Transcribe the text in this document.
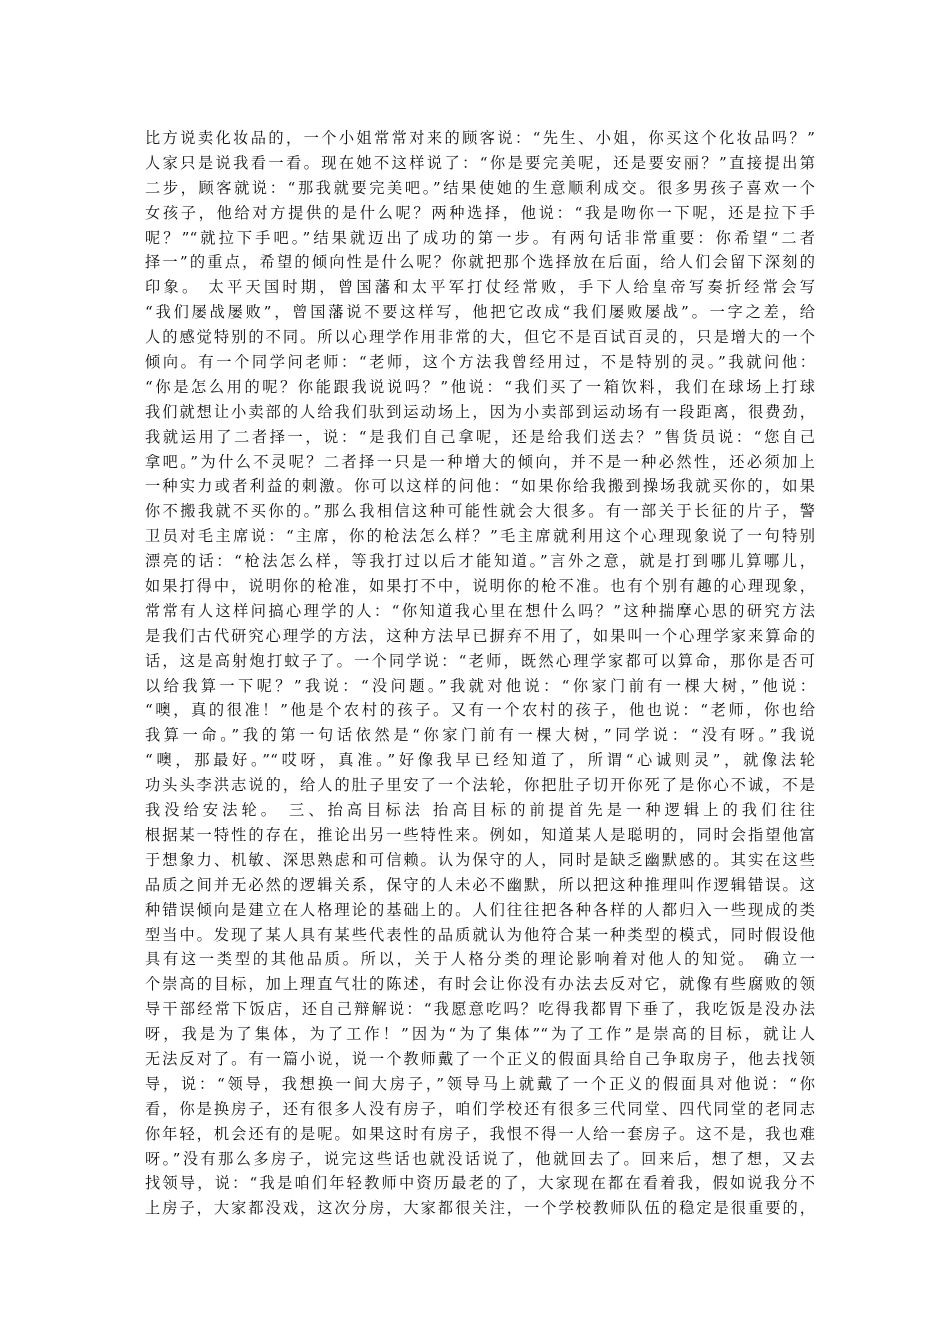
比方说卖化妆品的，一个小姐常常对来的顾客说：“先生、小姐，你买这个化妆品吗？”
人家只是说我看一看。现在她不这样说了：“你是要完美呢，还是要安丽？”直接提出第
二步，顾客就说：“那我就要完美吧。”结果使她的生意顺利成交。很多男孩子喜欢一个
女孩子，他给对方提供的是什么呢？两种选择，他说：“我是吻你一下呢，还是拉下手
呢？”“就拉下手吧。”结果就迈出了成功的第一步。有两句话非常重要：你希望“二者
择一”的重点，希望的倾向性是什么呢？你就把那个选择放在后面，给人们会留下深刻的
印象。 太平天国时期，曾国藩和太平军打仗经常败，手下人给皇帝写奏折经常会写
“我们屡战屡败”，曾国藩说不要这样写，他把它改成“我们屡败屡战”。一字之差，给
人的感觉特别的不同。所以心理学作用非常的大，但它不是百试百灵的，只是增大的一个
倾向。有一个同学问老师：“老师，这个方法我曾经用过，不是特别的灵。”我就问他：
“你是怎么用的呢？你能跟我说说吗？”他说：“我们买了一箱饮料，我们在球场上打球
我们就想让小卖部的人给我们驮到运动场上，因为小卖部到运动场有一段距离，很费劲，
我就运用了二者择一，说：“是我们自己拿呢，还是给我们送去？”售货员说：“您自己
拿吧。”为什么不灵呢？二者择一只是一种增大的倾向，并不是一种必然性，还必须加上
一种实力或者利益的刺激。你可以这样的问他：“如果你给我搬到操场我就买你的，如果
你不搬我就不买你的。”那么我相信这种可能性就会大很多。有一部关于长征的片子，警
卫员对毛主席说：“主席，你的枪法怎么样？”毛主席就利用这个心理现象说了一句特别
漂亮的话：“枪法怎么样，等我打过以后才能知道。”言外之意，就是打到哪儿算哪儿，
如果打得中，说明你的枪准，如果打不中，说明你的枪不准。也有个别有趣的心理现象，
常常有人这样问搞心理学的人：“你知道我心里在想什么吗？”这种揣摩心思的研究方法
是我们古代研究心理学的方法，这种方法早已摒弃不用了，如果叫一个心理学家来算命的
话，这是高射炮打蚊子了。一个同学说：“老师，既然心理学家都可以算命，那你是否可
以给我算一下呢？”我说：“没问题。”我就对他说：“你家门前有一棵大树，”他说：
“噢，真的很准！”他是个农村的孩子。又有一个农村的孩子，他也说：“老师，你也给
我算一命。”我的第一句话依然是“你家门前有一棵大树，”同学说：“没有呀。”我说
“噢，那最好。”“哎呀，真准。”好像我早已经知道了，所谓“心诚则灵”，就像法轮
功头头李洪志说的，给人的肚子里安了一个法轮，你把肚子切开你死了是你心不诚，不是
我没给安法轮。 三、抬高目标法 抬高目标的前提首先是一种逻辑上的我们往往
根据某一特性的存在，推论出另一些特性来。例如，知道某人是聪明的，同时会指望他富
于想象力、机敏、深思熟虑和可信赖。认为保守的人，同时是缺乏幽默感的。其实在这些
品质之间并无必然的逻辑关系，保守的人未必不幽默，所以把这种推理叫作逻辑错误。这
种错误倾向是建立在人格理论的基础上的。人们往往把各种各样的人都归入一些现成的类
型当中。发现了某人具有某些代表性的品质就认为他符合某一种类型的模式，同时假设他
具有这一类型的其他品质。所以，关于人格分类的理论影响着对他人的知觉。 确立一
个崇高的目标，加上理直气壮的陈述，有时会让你没有办法去反对它，就像有些腐败的领
导干部经常下饭店，还自己辩解说：“我愿意吃吗？吃得我都胃下垂了，我吃饭是没办法
呀，我是为了集体，为了工作！”因为“为了集体”“为了工作”是崇高的目标，就让人
无法反对了。有一篇小说，说一个教师戴了一个正义的假面具给自己争取房子，他去找领
导，说：“领导，我想换一间大房子，”领导马上就戴了一个正义的假面具对他说：“你
看，你是换房子，还有很多人没有房子，咱们学校还有很多三代同堂、四代同堂的老同志
你年轻，机会还有的是呢。如果这时有房子，我恨不得一人给一套房子。这不是，我也难
呀。”没有那么多房子，说完这些话也就没话说了，他就回去了。回来后，想了想，又去
找领导，说：“我是咱们年轻教师中资历最老的了，大家现在都在看着我，假如说我分不
上房子，大家都没戏，这次分房，大家都很关注，一个学校教师队伍的稳定是很重要的，
